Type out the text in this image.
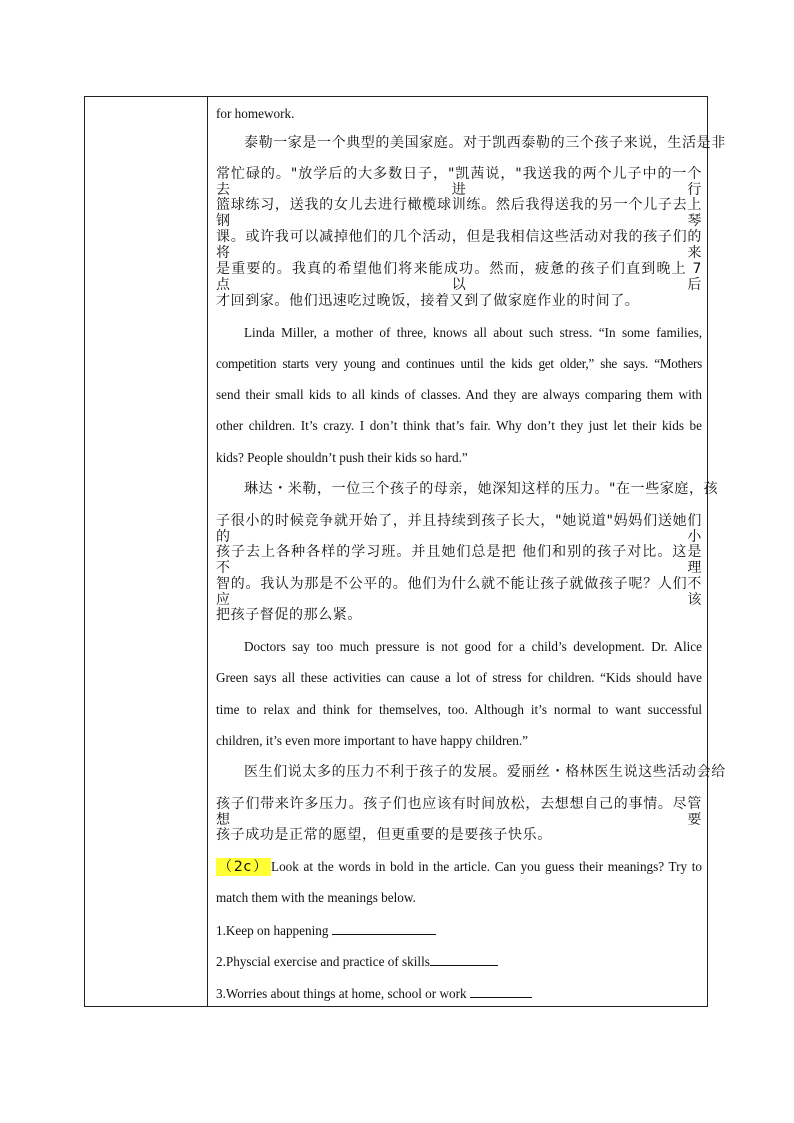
for homework.
泰勒一家是一个典型的美国家庭。对于凯西泰勒的三个孩子来说，生活是非
常忙碌的。"放学后的大多数日子，"凯茜说，"我送我的两个儿子中的一个去进行
篮球练习，送我的女儿去进行橄榄球训练。然后我得送我的另一个儿子去上钢琴
课。或许我可以减掉他们的几个活动，但是我相信这些活动对我的孩子们的将来
是重要的。我真的希望他们将来能成功。然而，疲惫的孩子们直到晚上 7 点以后
才回到家。他们迅速吃过晚饭，接着又到了做家庭作业的时间了。
Linda Miller, a mother of three, knows all about such stress. “In some families,
competition starts very young and continues until the kids get older,” she says. “Mothers
send their small kids to all kinds of classes. And they are always comparing them with
other children. It’s crazy. I don’t think that’s fair. Why don’t they just let their kids be
kids? People shouldn’t push their kids so hard.”
琳达・米勒，一位三个孩子的母亲，她深知这样的压力。"在一些家庭，孩
子很小的时候竞争就开始了，并且持续到孩子长大，"她说道"妈妈们送她们的小
孩子去上各种各样的学习班。并且她们总是把 他们和别的孩子对比。这是不理
智的。我认为那是不公平的。他们为什么就不能让孩子就做孩子呢？人们不应该
把孩子督促的那么紧。
Doctors say too much pressure is not good for a child’s development. Dr. Alice
Green says all these activities can cause a lot of stress for children. “Kids should have
time to relax and think for themselves, too. Although it’s normal to want successful
children, it’s even more important to have happy children.”
医生们说太多的压力不利于孩子的发展。爱丽丝・格林医生说这些活动会给
孩子们带来许多压力。孩子们也应该有时间放松，去想想自己的事情。尽管想要
孩子成功是正常的愿望，但更重要的是要孩子快乐。
（2c） Look at the words in bold in the article. Can you guess their meanings? Try to
match them with the meanings below.
1.Keep on happening
2.Physcial exercise and practice of skills
3.Worries about things at home, school or work
